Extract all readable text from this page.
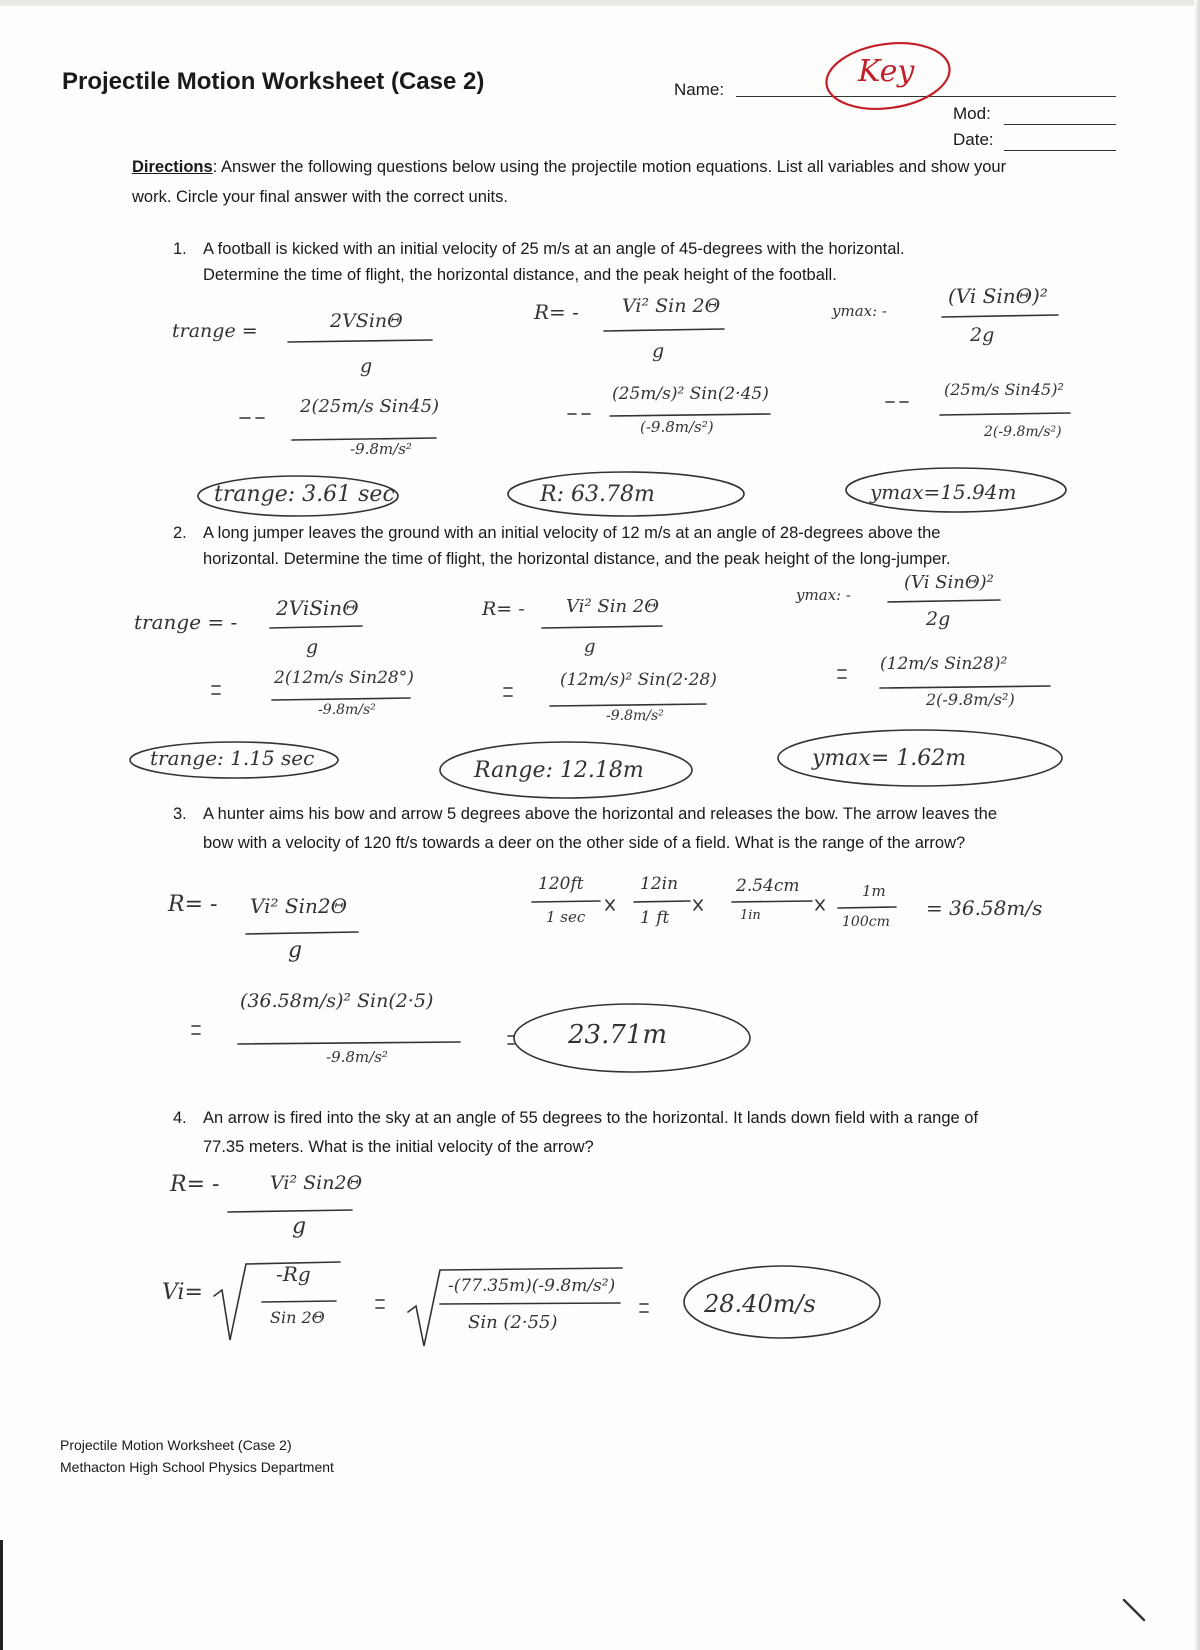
Projectile Motion Worksheet (Case 2)	Name:
Key
Mod:
Date:
Directions: Answer the following questions below using the projectile motion equations. List all variables and show your work. Circle your final answer with the correct units.
1. A football is kicked with an initial velocity of 25 m/s at an angle of 45-degrees with the horizontal. Determine the time of flight, the horizontal distance, and the peak height of the football.
trange =	2VSinΘ
g
2(25m/s Sin45)
-9.8m/s²
trange: 3.61 sec
R= - Vi² Sin 2Θ
g
(25m/s)² Sin(2·45)
(-9.8m/s²)
R: 63.78m
ymax: -
(Vi SinΘ)²
2g
(25m/s Sin45)²
2(-9.8m/s²)
ymax=15.94m
2. A long jumper leaves the ground with an initial velocity of 12 m/s at an angle of 28-degrees above the horizontal. Determine the time of flight, the horizontal distance, and the peak height of the long-jumper.
trange = -
2ViSinΘ
g
2(12m/s Sin28°)
-9.8m/s²
trange: 1.15 sec
R= - Vi² Sin 2Θ
g
(12m/s)² Sin(2·28)
-9.8m/s²
Range: 12.18m
ymax: -
(Vi SinΘ)²
2g
(12m/s Sin28)²
2(-9.8m/s²)
ymax= 1.62m
3. A hunter aims his bow and arrow 5 degrees above the horizontal and releases the bow. The arrow leaves the bow with a velocity of 120 ft/s towards a deer on the other side of a field. What is the range of the arrow?
R= - Vi² Sin2Θ
g
120ft
1 sec
12in
1 ft
2.54cm
1in
1m
100cm
= 36.58m/s
(36.58m/s)² Sin(2·5)
-9.8m/s²
23.71m
4. An arrow is fired into the sky at an angle of 55 degrees to the horizontal. It lands down field with a range of 77.35 meters. What is the initial velocity of the arrow?
R= -	Vi² Sin2Θ
g
Vi=
-Rg
Sin 2Θ
-(77.35m)(-9.8m/s²)
Sin (2·55)
28.40m/s
Projectile Motion Worksheet (Case 2)
Methacton High School Physics Department
